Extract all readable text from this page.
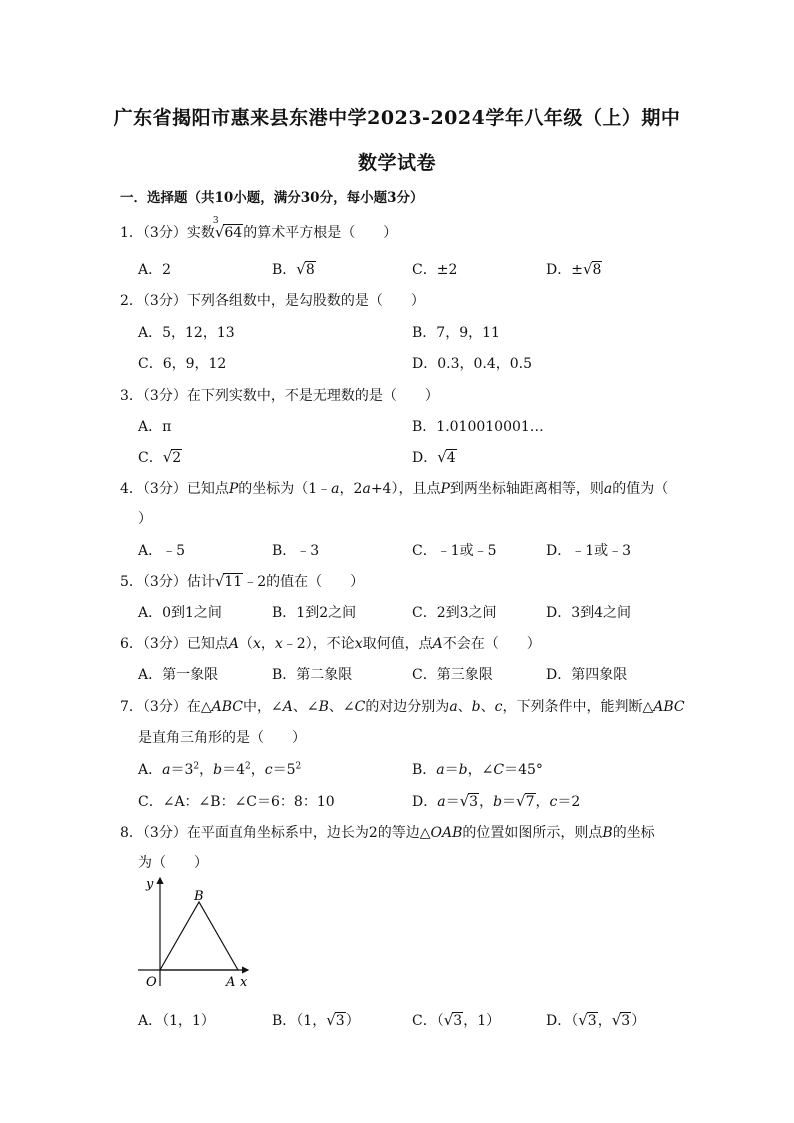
广东省揭阳市惠来县东港中学2023-2024学年八年级（上）期中
数学试卷
一．选择题（共10小题，满分30分，每小题3分）
1．（3分）实数
3
√64的算术平方根是（　　）
A．2	B．√8	C．±2	D．±√8
2．（3分）下列各组数中，是勾股数的是（　　）
A．5，12，13	B．7，9，11
C．6，9，12	D．0.3，0.4，0.5
3．（3分）在下列实数中，不是无理数的是（　　）
A．π	B．1.010010001…
C．√2	D．√4
4．（3分）已知点P的坐标为（1﹣a，2a+4），且点P到两坐标轴距离相等，则a的值为（
）
A．﹣5	B．﹣3	C．﹣1或﹣5	D．﹣1或﹣3
5．（3分）估计√11﹣2的值在（　　）
A．0到1之间	B．1到2之间	C．2到3之间	D．3到4之间
6．（3分）已知点A（x，x﹣2），不论x取何值，点A不会在（　　）
A．第一象限	B．第二象限	C．第三象限	D．第四象限
7．（3分）在△ABC中，∠A、∠B、∠C的对边分别为a、b、c，下列条件中，能判断△ABC
是直角三角形的是（　　）
A．$a=3^2$，$b=4^2$，$c=5^2$	B．a＝b，∠C＝45°
C．∠A：∠B：∠C＝6：8：10	D．a＝√3，b＝√7，c＝2
8．（3分）在平面直角坐标系中，边长为2的等边△OAB的位置如图所示，则点B的坐标
为（　　）
y
x
O	A
B
A．（1，1）	B．（1，√3）	C．（√3，1）	D．（√3，√3）
